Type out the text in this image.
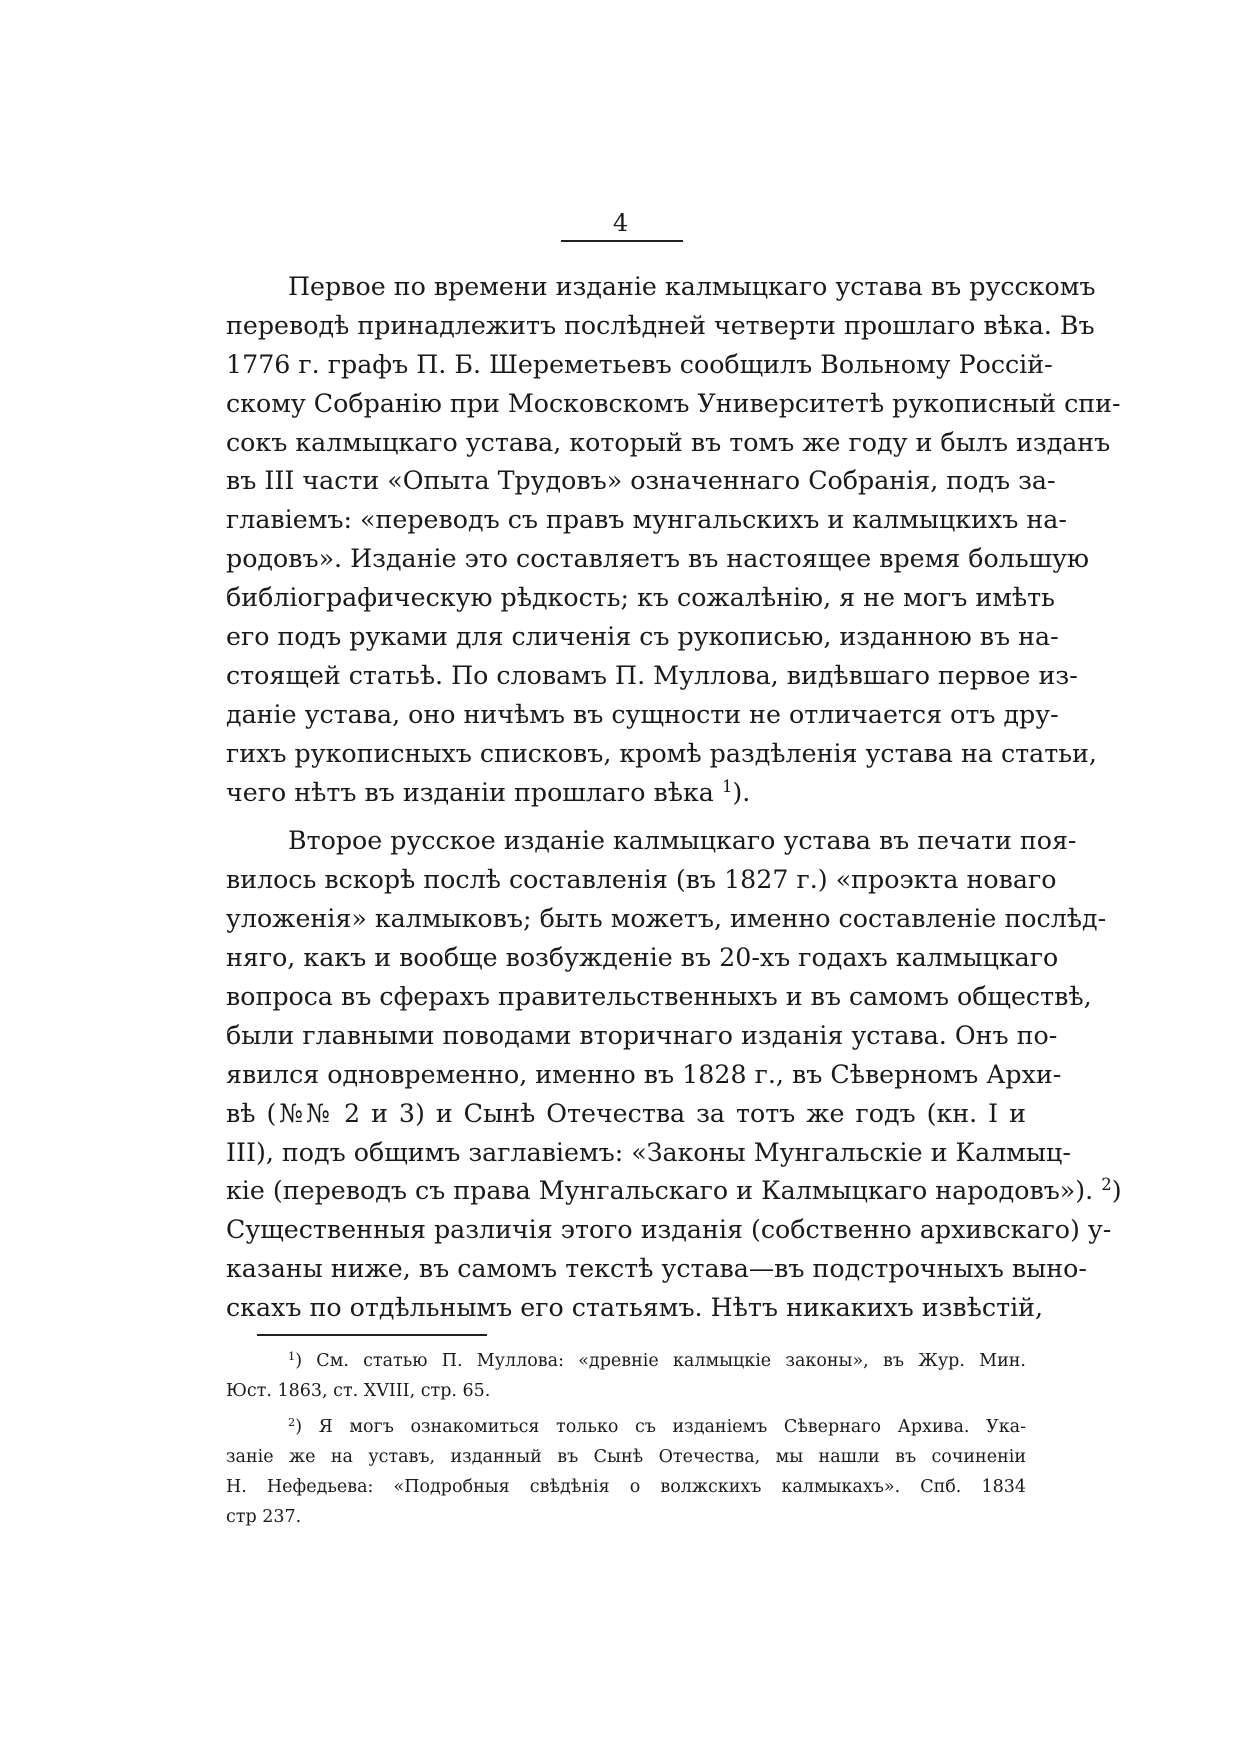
4
Первое по времени изданіе калмыцкаго устава въ русскомъ
переводѣ принадлежитъ послѣдней четверти прошлаго вѣка. Въ
1776 г. графъ П. Б. Шереметьевъ сообщилъ Вольному Россій-
скому Собранію при Московскомъ Университетѣ рукописный спи-
сокъ калмыцкаго устава, который въ томъ же году и былъ изданъ
въ III части «Опыта Трудовъ» означеннаго Собранія, подъ за-
главіемъ: «переводъ съ правъ мунгальскихъ и калмыцкихъ на-
родовъ». Изданіе это составляетъ въ настоящее время большую
библіографическую рѣдкость; къ сожалѣнію, я не могъ имѣть
его подъ руками для сличенія съ рукописью, изданною въ на-
стоящей статьѣ. По словамъ П. Муллова, видѣвшаго первое из-
даніе устава, оно ничѣмъ въ сущности не отличается отъ дру-
гихъ рукописныхъ списковъ, кромѣ раздѣленія устава на статьи,
чего нѣтъ въ изданіи прошлаго вѣка $^1$).
Второе русское изданіе калмыцкаго устава въ печати поя-
вилось вскорѣ послѣ составленія (въ 1827 г.) «проэкта новаго
уложенія» калмыковъ; быть можетъ, именно составленіе послѣд-
няго, какъ и вообще возбужденіе въ 20-хъ годахъ калмыцкаго
вопроса въ сферахъ правительственныхъ и въ самомъ обществѣ,
были главными поводами вторичнаго изданія устава. Онъ по-
явился одновременно, именно въ 1828 г., въ Сѣверномъ Архи-
вѣ (№№ 2 и 3) и Сынѣ Отечества за тотъ же годъ (кн. I и
III), подъ общимъ заглавіемъ: «Законы Мунгальскіе и Калмыц-
кіе (переводъ съ права Мунгальскаго и Калмыцкаго народовъ»). $^2$)
Существенныя различія этого изданія (собственно архивскаго) у-
казаны ниже, въ самомъ текстѣ устава—въ подстрочныхъ выно-
скахъ по отдѣльнымъ его статьямъ. Нѣтъ никакихъ извѣстій,
$^1$) См. статью П. Муллова: «древніе калмыцкіе законы», въ Жур. Мин.
Юст. 1863, ст. XVIII, стр. 65.
$^2$) Я могъ ознакомиться только съ изданіемъ Сѣвернаго Архива. Ука-
заніе же на уставъ, изданный въ Сынѣ Отечества, мы нашли въ сочиненіи
Н. Нефедьева: «Подробныя свѣдѣнія о волжскихъ калмыкахъ». Спб. 1834
стр 237.
